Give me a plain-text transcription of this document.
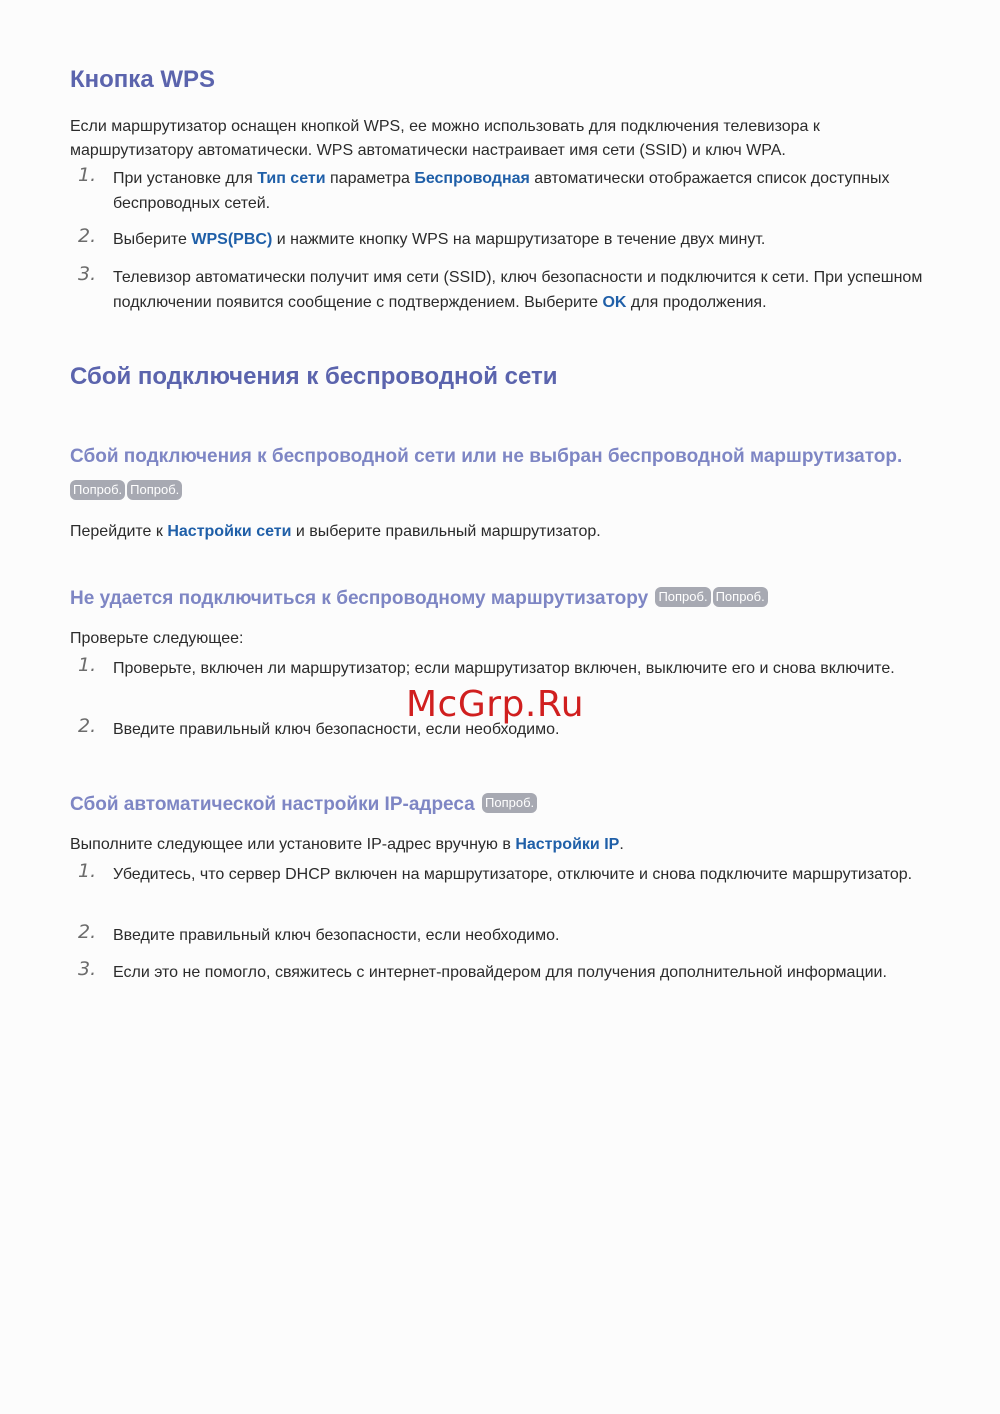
Кнопка WPS

Если маршрутизатор оснащен кнопкой WPS, ее можно использовать для подключения телевизора к маршрутизатору автоматически. WPS автоматически настраивает имя сети (SSID) и ключ WPA.

1. При установке для Тип сети параметра Беспроводная автоматически отображается список доступных беспроводных сетей.
2. Выберите WPS(PBC) и нажмите кнопку WPS на маршрутизаторе в течение двух минут.
3. Телевизор автоматически получит имя сети (SSID), ключ безопасности и подключится к сети. При успешном подключении появится сообщение с подтверждением. Выберите OK для продолжения.
Сбой подключения к беспроводной сети
Сбой подключения к беспроводной сети или не выбран беспроводной маршрутизатор.
Попроб. Попроб.

Перейдите к Настройки сети и выберите правильный маршрутизатор.

Не удается подключиться к беспроводному маршрутизатору Попроб. Попроб.

Проверьте следующее:

1. Проверьте, включен ли маршрутизатор; если маршрутизатор включен, выключите его и снова включите.
2. Введите правильный ключ безопасности, если необходимо.
Сбой автоматической настройки IP-адреса Попроб.

Выполните следующее или установите IP-адрес вручную в Настройки IP.

1. Убедитесь, что сервер DHCP включен на маршрутизаторе, отключите и снова подключите маршрутизатор.
2. Введите правильный ключ безопасности, если необходимо.
3. Если это не помогло, свяжитесь с интернет-провайдером для получения дополнительной информации.
McGrp.Ru
